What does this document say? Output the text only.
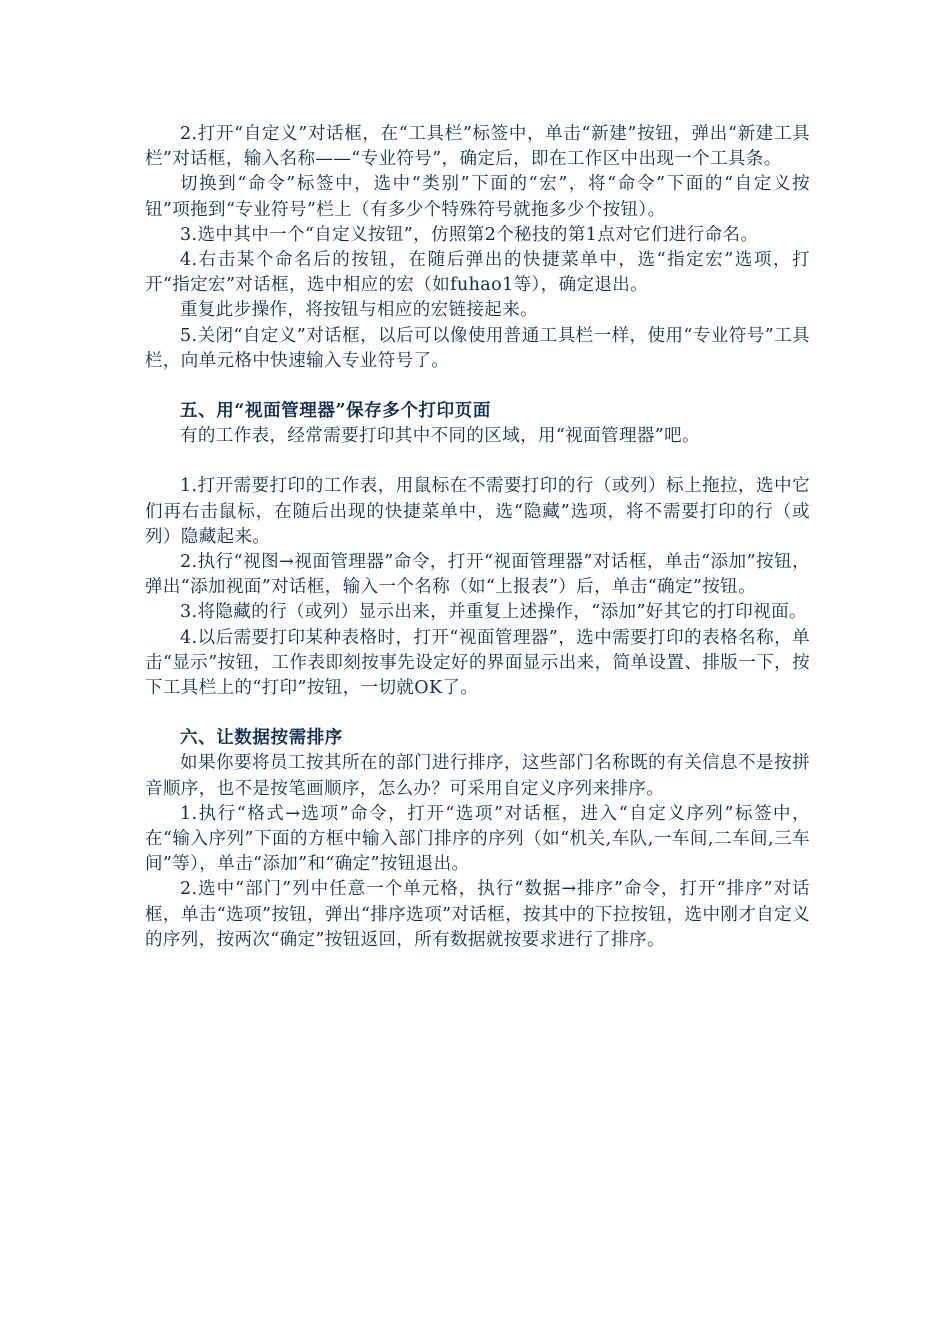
2.打开“自定义”对话框，在“工具栏”标签中，单击“新建”按钮，弹出“新建工具栏”对话框，输入名称——“专业符号”，确定后，即在工作区中出现一个工具条。

切换到“命令”标签中，选中“类别”下面的“宏”，将“命令”下面的“自定义按钮”项拖到“专业符号”栏上（有多少个特殊符号就拖多少个按钮）。

3.选中其中一个“自定义按钮”，仿照第2个秘技的第1点对它们进行命名。

4.右击某个命名后的按钮，在随后弹出的快捷菜单中，选“指定宏”选项，打开“指定宏”对话框，选中相应的宏（如fuhao1等），确定退出。

重复此步操作，将按钮与相应的宏链接起来。

5.关闭“自定义”对话框，以后可以像使用普通工具栏一样，使用“专业符号”工具栏，向单元格中快速输入专业符号了。

五、用“视面管理器”保存多个打印页面

有的工作表，经常需要打印其中不同的区域，用“视面管理器”吧。

1.打开需要打印的工作表，用鼠标在不需要打印的行（或列）标上拖拉，选中它们再右击鼠标，在随后出现的快捷菜单中，选“隐藏”选项，将不需要打印的行（或列）隐藏起来。

2.执行“视图→视面管理器”命令，打开“视面管理器”对话框，单击“添加”按钮，弹出“添加视面”对话框，输入一个名称（如“上报表”）后，单击“确定”按钮。

3.将隐藏的行（或列）显示出来，并重复上述操作，“添加”好其它的打印视面。

4.以后需要打印某种表格时，打开“视面管理器”，选中需要打印的表格名称，单击“显示”按钮，工作表即刻按事先设定好的界面显示出来，简单设置、排版一下，按下工具栏上的“打印”按钮，一切就OK了。

六、让数据按需排序

如果你要将员工按其所在的部门进行排序，这些部门名称既的有关信息不是按拼音顺序，也不是按笔画顺序，怎么办？可采用自定义序列来排序。

1.执行“格式→选项”命令，打开“选项”对话框，进入“自定义序列”标签中，在“输入序列”下面的方框中输入部门排序的序列（如“机关,车队,一车间,二车间,三车间”等），单击“添加”和“确定”按钮退出。

2.选中“部门”列中任意一个单元格，执行“数据→排序”命令，打开“排序”对话框，单击“选项”按钮，弹出“排序选项”对话框，按其中的下拉按钮，选中刚才自定义的序列，按两次“确定”按钮返回，所有数据就按要求进行了排序。
